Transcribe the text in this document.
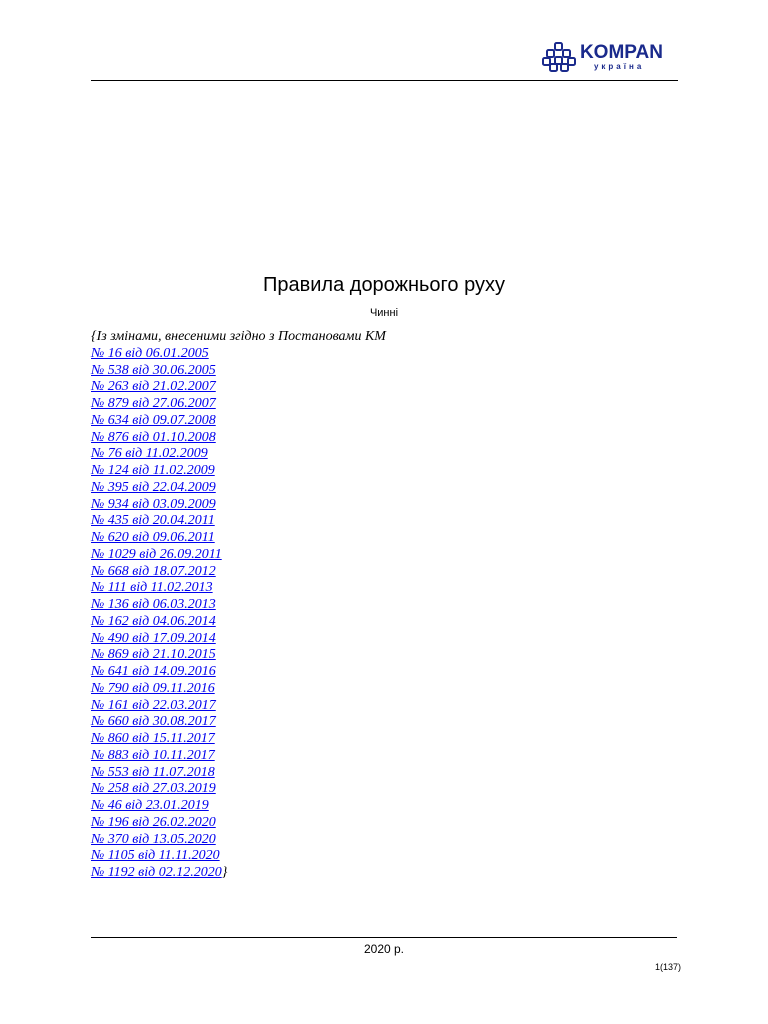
KOMPAN
україна
Правила дорожнього руху
Чинні
{Із змінами, внесеними згідно з Постановами КМ
№ 16 від 06.01.2005
№ 538 від 30.06.2005
№ 263 від 21.02.2007
№ 879 від 27.06.2007
№ 634 від 09.07.2008
№ 876 від 01.10.2008
№ 76 від 11.02.2009
№ 124 від 11.02.2009
№ 395 від 22.04.2009
№ 934 від 03.09.2009
№ 435 від 20.04.2011
№ 620 від 09.06.2011
№ 1029 від 26.09.2011
№ 668 від 18.07.2012
№ 111 від 11.02.2013
№ 136 від 06.03.2013
№ 162 від 04.06.2014
№ 490 від 17.09.2014
№ 869 від 21.10.2015
№ 641 від 14.09.2016
№ 790 від 09.11.2016
№ 161 від 22.03.2017
№ 660 від 30.08.2017
№ 860 від 15.11.2017
№ 883 від 10.11.2017
№ 553 від 11.07.2018
№ 258 від 27.03.2019
№ 46 від 23.01.2019
№ 196 від 26.02.2020
№ 370 від 13.05.2020
№ 1105 від 11.11.2020
№ 1192 від 02.12.2020}
2020 р.
1(137)
